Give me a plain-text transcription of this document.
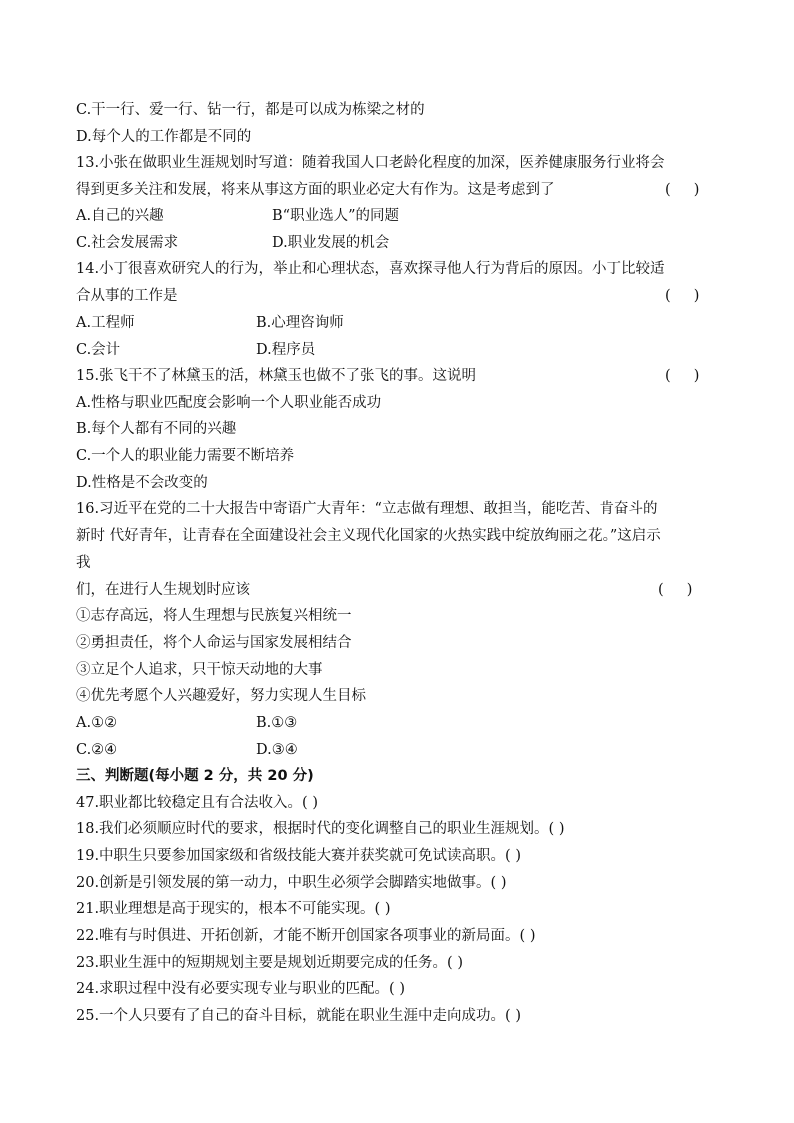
C.干一行、爱一行、钻一行，都是可以成为栋梁之材的
D.每个人的工作都是不同的
13.小张在做职业生涯规划时写道：随着我国人口老龄化程度的加深，医养健康服务行业将会
得到更多关注和发展，将来从事这方面的职业必定大有作为。这是考虑到了	(     )
A.自己的兴趣	B“职业选人”的同题
C.社会发展需求	D.职业发展的机会
14.小丁很喜欢研究人的行为，举止和心理状态，喜欢探寻他人行为背后的原因。小丁比较适
合从事的工作是	(     )
A.工程师	B.心理咨询师
C.会计	D.程序员
15.张飞干不了林黛玉的活，林黛玉也做不了张飞的事。这说明	(     )
A.性格与职业匹配度会影响一个人职业能否成功
B.每个人都有不同的兴趣
C.一个人的职业能力需要不断培养
D.性格是不会改变的
16.习近平在党的二十大报告中寄语广大青年：“立志做有理想、敢担当，能吃苦、肯奋斗的
新时 代好青年，让青春在全面建设社会主义现代化国家的火热实践中绽放绚丽之花。”这启示
我
们，在进行人生规划时应该	(     )
①志存高远，将人生理想与民族复兴相统一
②勇担责任，将个人命运与国家发展相结合
③立足个人追求，只干惊天动地的大事
④优先考愿个人兴趣爱好，努力实现人生目标
A.①②	B.①③
C.②④	D.③④
三、判断题(每小题 2 分，共 20 分)
47.职业都比较稳定且有合法收入。( )
18.我们必须顺应时代的要求，根据时代的变化调整自己的职业生涯规划。( )
19.中职生只要参加国家级和省级技能大赛并获奖就可免试读高职。( )
20.创新是引领发展的第一动力，中职生必须学会脚踏实地做事。( )
21.职业理想是高于现实的，根本不可能实现。( )
22.唯有与时俱进、开拓创新，才能不断开创国家各项事业的新局面。( )
23.职业生涯中的短期规划主要是规划近期要完成的任务。( )
24.求职过程中没有必要实现专业与职业的匹配。( )
25.一个人只要有了自己的奋斗目标，就能在职业生涯中走向成功。( )
